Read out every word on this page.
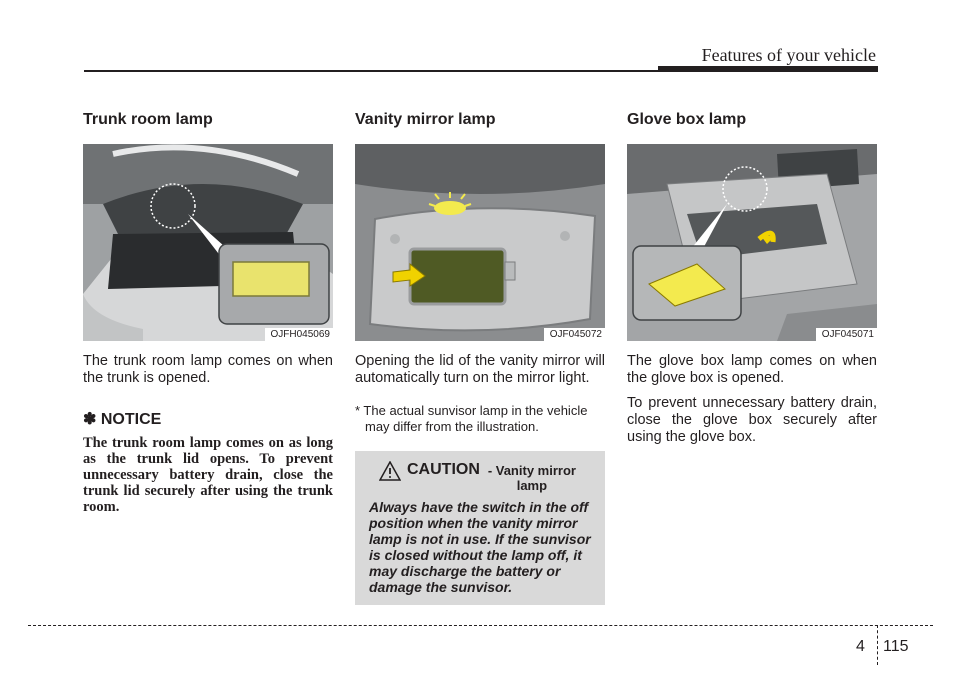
Features of your vehicle
Trunk room lamp
OJFH045069

The trunk room lamp comes on when the trunk is opened.

✽ NOTICE

The trunk room lamp comes on as long as the trunk lid opens. To prevent unnecessary battery drain, close the trunk lid securely after using the trunk room.

Vanity mirror lamp
OJF045072

Opening the lid of the vanity mirror will automatically turn on the mirror light.

* The actual sunvisor lamp in the vehicle may differ from the illustration.

CAUTION - Vanity mirror lamp

Always have the switch in the off position when the vanity mirror lamp is not in use. If the sunvisor is closed without the lamp off, it may discharge the battery or damage the sunvisor.

Glove box lamp
OJF045071

The glove box lamp comes on when the glove box is opened.

To prevent unnecessary battery drain, close the glove box securely after using the glove box.

4 115
